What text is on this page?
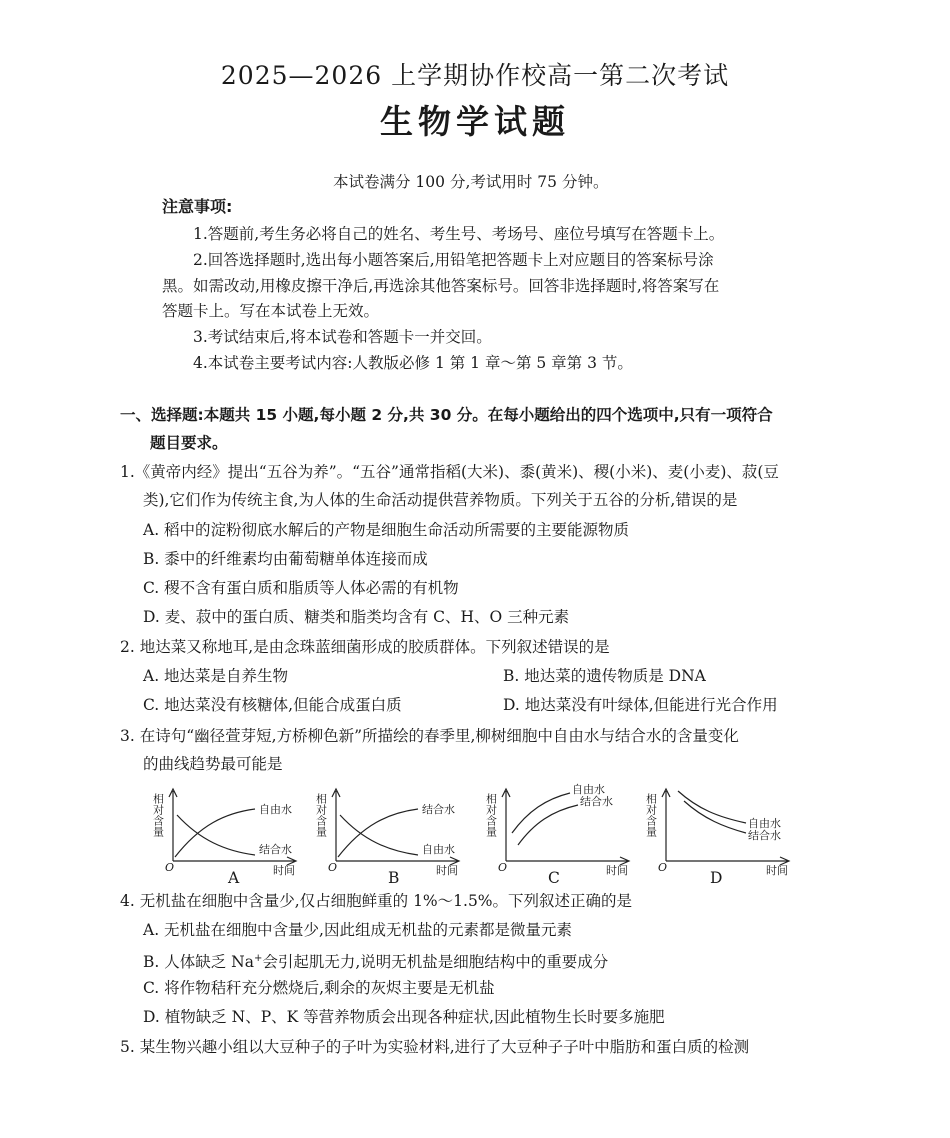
2025—2026 上学期协作校高一第二次考试
生物学试题
本试卷满分 100 分,考试用时 75 分钟。
注意事项:
1.答题前,考生务必将自己的姓名、考生号、考场号、座位号填写在答题卡上。
2.回答选择题时,选出每小题答案后,用铅笔把答题卡上对应题目的答案标号涂
黑。如需改动,用橡皮擦干净后,再选涂其他答案标号。回答非选择题时,将答案写在
答题卡上。写在本试卷上无效。
3.考试结束后,将本试卷和答题卡一并交回。
4.本试卷主要考试内容:人教版必修 1 第 1 章～第 5 章第 3 节。
一、选择题:本题共 15 小题,每小题 2 分,共 30 分。在每小题给出的四个选项中,只有一项符合
题目要求。
1.《黄帝内经》提出“五谷为养”。“五谷”通常指稻(大米)、黍(黄米)、稷(小米)、麦(小麦)、菽(豆
类),它们作为传统主食,为人体的生命活动提供营养物质。下列关于五谷的分析,错误的是
A. 稻中的淀粉彻底水解后的产物是细胞生命活动所需要的主要能源物质
B. 黍中的纤维素均由葡萄糖单体连接而成
C. 稷不含有蛋白质和脂质等人体必需的有机物
D. 麦、菽中的蛋白质、糖类和脂类均含有 C、H、O 三种元素
2. 地达菜又称地耳,是由念珠蓝细菌形成的胶质群体。下列叙述错误的是
A. 地达菜是自养生物	B. 地达菜的遗传物质是 DNA
C. 地达菜没有核糖体,但能合成蛋白质	D. 地达菜没有叶绿体,但能进行光合作用
3. 在诗句“幽径萱芽短,方桥柳色新”所描绘的春季里,柳树细胞中自由水与结合水的含量变化
的曲线趋势最可能是
相对含量
O	时间
自由水
结合水
A
相对含量
O	时间
结合水
自由水
B
相对含量
O	时间
自由水
结合水
C
相对含量
O	时间
自由水
结合水
D
4. 无机盐在细胞中含量少,仅占细胞鲜重的 1%～1.5%。下列叙述正确的是
A. 无机盐在细胞中含量少,因此组成无机盐的元素都是微量元素
B. 人体缺乏 Na+会引起肌无力,说明无机盐是细胞结构中的重要成分
C. 将作物秸秆充分燃烧后,剩余的灰烬主要是无机盐
D. 植物缺乏 N、P、K 等营养物质会出现各种症状,因此植物生长时要多施肥
5. 某生物兴趣小组以大豆种子的子叶为实验材料,进行了大豆种子子叶中脂肪和蛋白质的检测
